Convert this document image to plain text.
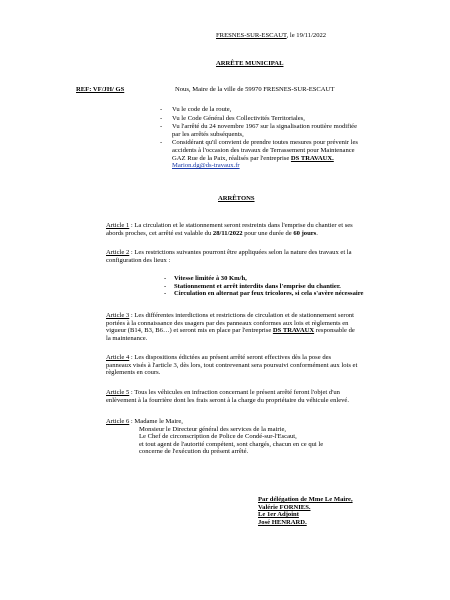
FRESNES-SUR-ESCAUT, le 19/11/2022
ARRÊTE MUNICIPAL
REF: VF/JH/ GS	Nous, Maire de la ville de 59970 FRESNES-SUR-ESCAUT
- Vu le code de la route,
- Vu le Code Général des Collectivités Territoriales,
- Vu l'arrêté du 24 novembre 1967 sur la signalisation routière modifiée
par les arrêtés subséquents,
- Considérant qu'il convient de prendre toutes mesures pour prévenir les
accidents à l'occasion des travaux de Terrassement pour Maintenance
GAZ Rue de la Paix, réalisés par l'entreprise DS TRAVAUX.
Marion.dg@ds-travaux.fr
ARRÊTONS
Article 1 : La circulation et le stationnement seront restreints dans l'emprise du chantier et ses
abords proches, cet arrêté est valable du 28/11/2022 pour une durée de 60 jours.
Article 2 : Les restrictions suivantes pourront être appliquées selon la nature des travaux et la
configuration des lieux :
- Vitesse limitée à 30 Km/h,
- Stationnement et arrêt interdits dans l'emprise du chantier.
- Circulation en alternat par feux tricolores, si cela s'avère nécessaire
Article 3 : Les différentes interdictions et restrictions de circulation et de stationnement seront
portées à la connaissance des usagers par des panneaux conformes aux lois et règlements en
vigueur (B14, B3, B6…) et seront mis en place par l'entreprise DS TRAVAUX responsable de
la maintenance.
Article 4 : Les dispositions édictées au présent arrêté seront effectives dès la pose des
panneaux visés à l'article 3, dès lors, tout contrevenant sera poursuivi conformément aux lois et
règlements en cours.
Article 5 : Tous les véhicules en infraction concernant le présent arrêté feront l'objet d'un
enlèvement à la fourrière dont les frais seront à la charge du propriétaire du véhicule enlevé.
Article 6 : Madame le Maire,
Monsieur le Directeur général des services de la mairie,
Le Chef de circonscription de Police de Condé-sur-l'Escaut,
et tout agent de l'autorité compétent, sont chargés, chacun en ce qui le
concerne de l'exécution du présent arrêté.
Par délégation de Mme Le Maire,
Valérie FORNIES.
Le 1er Adjoint
José HENRARD.
